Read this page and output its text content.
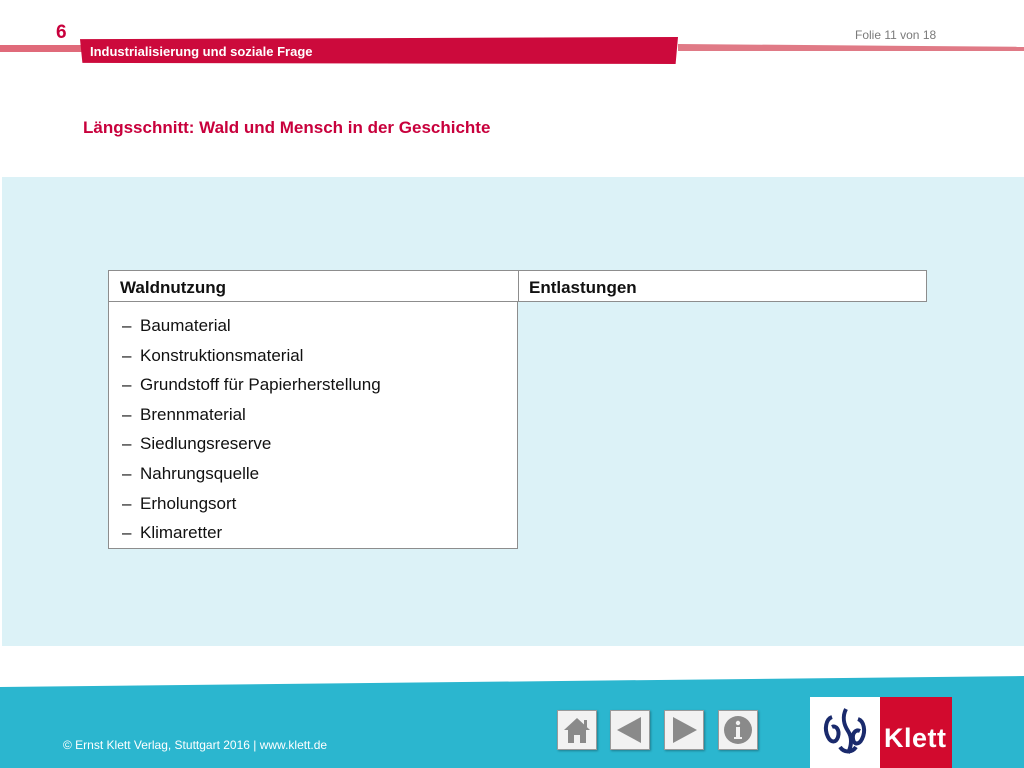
6
Industrialisierung und soziale Frage
Folie 11 von 18
Längsschnitt: Wald und Mensch in der Geschichte
Waldnutzung	Entlastungen
– Baumaterial
– Konstruktionsmaterial
– Grundstoff für Papierherstellung
– Brennmaterial
– Siedlungsreserve
– Nahrungsquelle
– Erholungsort
– Klimaretter
© Ernst Klett Verlag, Stuttgart 2016 | www.klett.de	Klett
